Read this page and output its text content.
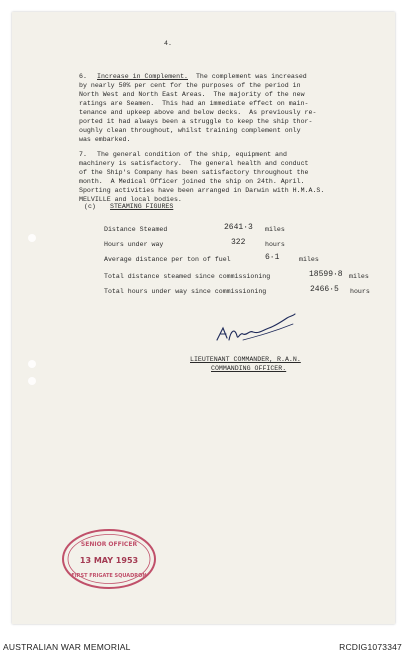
4.
6. Increase in Complement. The complement was increased
by nearly 50% per cent for the purposes of the period in
North West and North East Areas.  The majority of the new
ratings are Seamen.  This had an immediate effect on main-
tenance and upkeep above and below decks.  As previously re-
ported it had always been a struggle to keep the ship thor-
oughly clean throughout, whilst training complement only
was embarked.
7. The general condition of the ship, equipment and
machinery is satisfactory.  The general health and conduct
of the Ship's Company has been satisfactory throughout the
month.  A Medical Officer joined the ship on 24th. April.
Sporting activities have been arranged in Darwin with H.M.A.S.
MELVILLE and local bodies.
(c) STEAMING FIGURES
Distance Steamed	2641·3 miles
Hours under way	322	hours
Average distance per ton of fuel	6·1	miles
Total distance steamed since commissioning	18599·8 miles
Total hours under way since commissioning	2466·5 hours
LIEUTENANT COMMANDER, R.A.N.
COMMANDING OFFICER.
SENIOR OFFICER
13 MAY 1953
FIRST FRIGATE SQUADRON
AUSTRALIAN WAR MEMORIAL	RCDIG1073347
